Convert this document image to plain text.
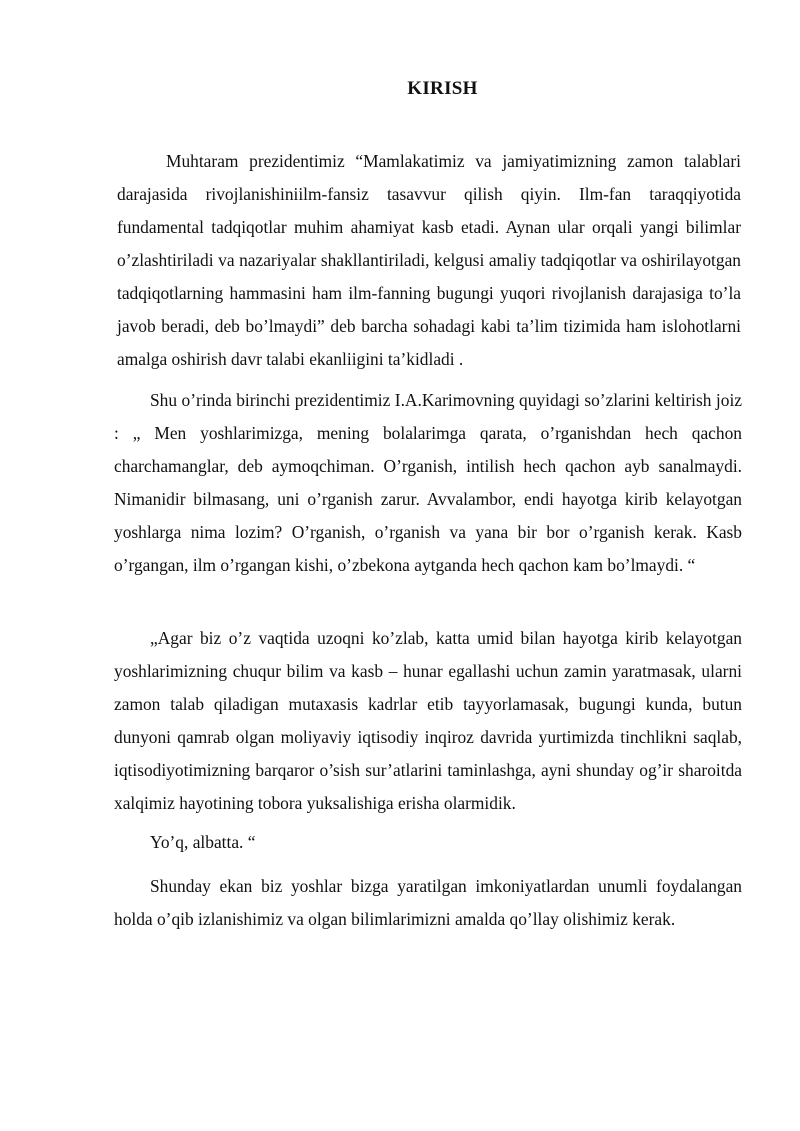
KIRISH

Muhtaram prezidentimiz “Mamlakatimiz va jamiyatimizning zamon talablari darajasida rivojlanishiniilm-fansiz tasavvur qilish qiyin. Ilm-fan taraqqiyotida fundamental tadqiqotlar muhim ahamiyat kasb etadi. Aynan ular orqali yangi bilimlar o’zlashtiriladi va nazariyalar shakllantiriladi, kelgusi amaliy tadqiqotlar va oshirilayotgan tadqiqotlarning hammasini ham ilm-fanning bugungi yuqori rivojlanish darajasiga to’la javob beradi, deb bo’lmaydi” deb barcha sohadagi kabi ta’lim tizimida ham islohotlarni amalga oshirish davr talabi ekanliigini ta’kidladi .

Shu o’rinda birinchi prezidentimiz I.A.Karimovning quyidagi so’zlarini keltirish joiz : „ Men yoshlarimizga, mening bolalarimga qarata, o’rganishdan hech qachon charchamanglar, deb aymoqchiman. O’rganish, intilish hech qachon ayb sanalmaydi. Nimanidir bilmasang, uni o’rganish zarur. Avvalambor, endi hayotga kirib kelayotgan yoshlarga nima lozim? O’rganish, o’rganish va yana bir bor o’rganish kerak. Kasb o’rgangan, ilm o’rgangan kishi, o’zbekona aytganda hech qachon kam bo’lmaydi. “

„Agar biz o’z vaqtida uzoqni ko’zlab, katta umid bilan hayotga kirib kelayotgan yoshlarimizning chuqur bilim va kasb – hunar egallashi uchun zamin yaratmasak, ularni zamon talab qiladigan mutaxasis kadrlar etib tayyorlamasak, bugungi kunda, butun dunyoni qamrab olgan moliyaviy iqtisodiy inqiroz davrida yurtimizda tinchlikni saqlab, iqtisodiyotimizning barqaror o’sish sur’atlarini taminlashga, ayni shunday og’ir sharoitda xalqimiz hayotining tobora yuksalishiga erisha olarmidik.

Yo’q, albatta. “

Shunday ekan biz yoshlar bizga yaratilgan imkoniyatlardan unumli foydalangan holda o’qib izlanishimiz va olgan bilimlarimizni amalda qo’llay olishimiz kerak.
